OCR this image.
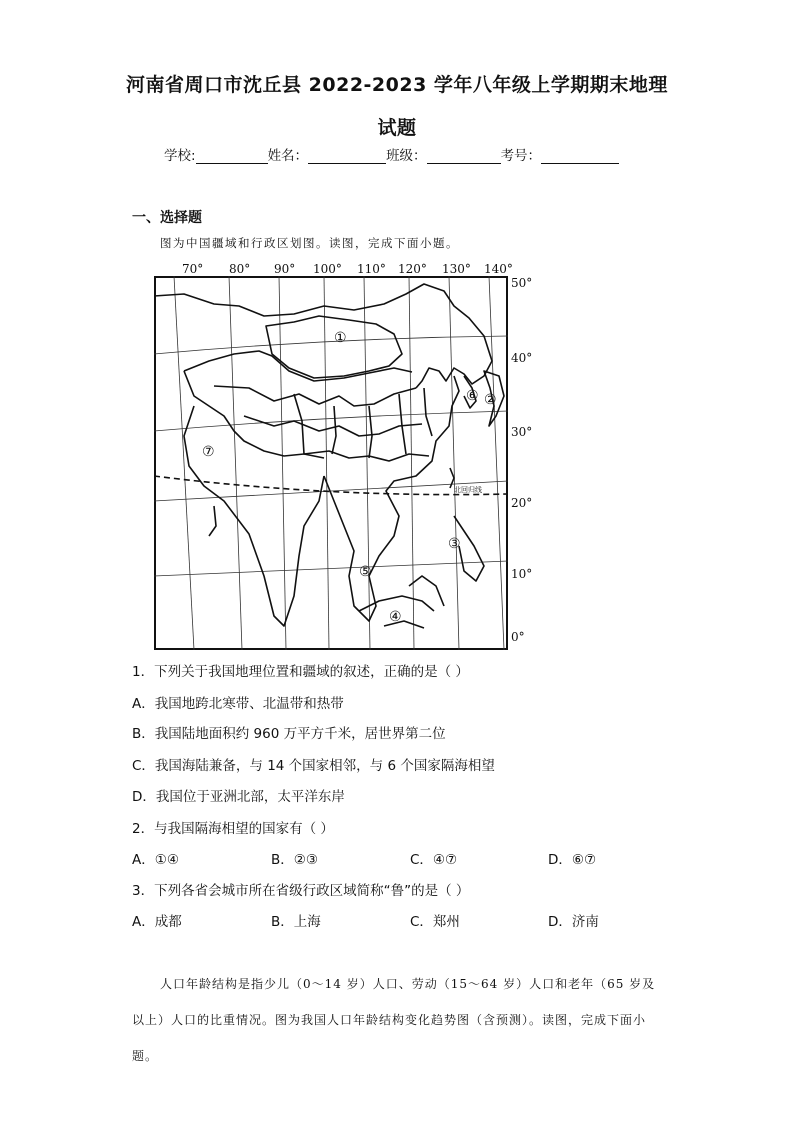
河南省周口市沈丘县 2022-2023 学年八年级上学期期末地理
试题
学校:	姓名：	班级：	考号：
一、选择题
图为中国疆域和行政区划图。读图，完成下面小题。
70° 80° 90° 100° 110° 120° 130° 140°
50°
40°
30°
20°
10°
0°
①
②
③
④
⑤
⑥
⑦
北回归线
1．下列关于我国地理位置和疆域的叙述，正确的是（ ）
A．我国地跨北寒带、北温带和热带
B．我国陆地面积约 960 万平方千米，居世界第二位
C．我国海陆兼备，与 14 个国家相邻，与 6 个国家隔海相望
D．我国位于亚洲北部，太平洋东岸
2．与我国隔海相望的国家有（ ）
A．①④	B．②③	C．④⑦	D．⑥⑦
3．下列各省会城市所在省级行政区域简称“鲁”的是（ ）
A．成都	B．上海	C．郑州	D．济南
人口年龄结构是指少儿（0～14 岁）人口、劳动（15～64 岁）人口和老年（65 岁及以上）人口的比重情况。图为我国人口年龄结构变化趋势图（含预测）。读图，完成下面小题。
